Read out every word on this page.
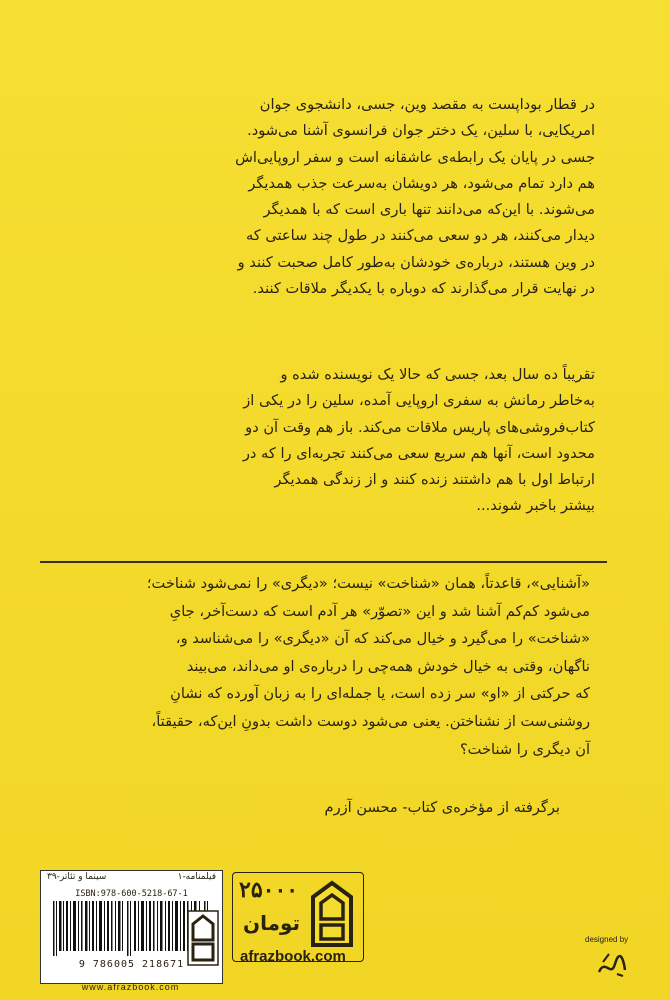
در قطار بوداپست به مقصد وین، جسی، دانشجوی جوان
امریکایی، با سلین، یک دختر جوان فرانسوی آشنا می‌شود.
جسی در پایان یک رابطه‌ی عاشقانه است و سفر اروپایی‌اش
هم دارد تمام می‌شود، هر دویشان به‌سرعت جذب همدیگر
می‌شوند. با این‌که می‌دانند تنها باری است که با همدیگر
دیدار می‌کنند، هر دو سعی می‌کنند در طول چند ساعتی که
در وین هستند، درباره‌ی خودشان به‌طور کامل صحبت کنند و
در نهایت قرار می‌گذارند که دوباره با یکدیگر ملاقات کنند.
تقریباً ده سال بعد، جسی که حالا یک نویسنده شده و
به‌خاطر رمانش به سفری اروپایی آمده، سلین را در یکی از
کتاب‌فروشی‌های پاریس ملاقات می‌کند. باز هم وقت آن دو
محدود است، آنها هم سریع سعی می‌کنند تجربه‌ای را که در
ارتباط اول با هم داشتند زنده کنند و از زندگی همدیگر
بیشتر باخبر شوند...
«آشنایی»، قاعدتاً، همان «شناخت» نیست؛ «دیگری» را نمی‌شود شناخت؛
می‌شود کم‌کم آشنا شد و این «تصوّر» هر آدم است که دست‌آخر، جایِ
«شناخت» را می‌گیرد و خیال می‌کند که آن «دیگری» را می‌شناسد و،
ناگهان، وقتی به خیال خودش همه‌چی را درباره‌ی او می‌داند، می‌بیند
که حرکتی از «او» سر زده است، یا جمله‌ای را به زبان آورده که نشانِ
روشنی‌ست از نشناختن. یعنی می‌شود دوست داشت بدونِ این‌که، حقیقتاً،
آن دیگری را شناخت؟
برگرفته از مؤخره‌ی کتاب- محسن آزرم
فیلمنامه-۱
سینما و تئاتر-۳۹
ISBN:978-600-5218-67-1
9 786005 218671
www.afrazbook.com
۲۵۰۰۰
تومان
afrazbook.com
designed by
